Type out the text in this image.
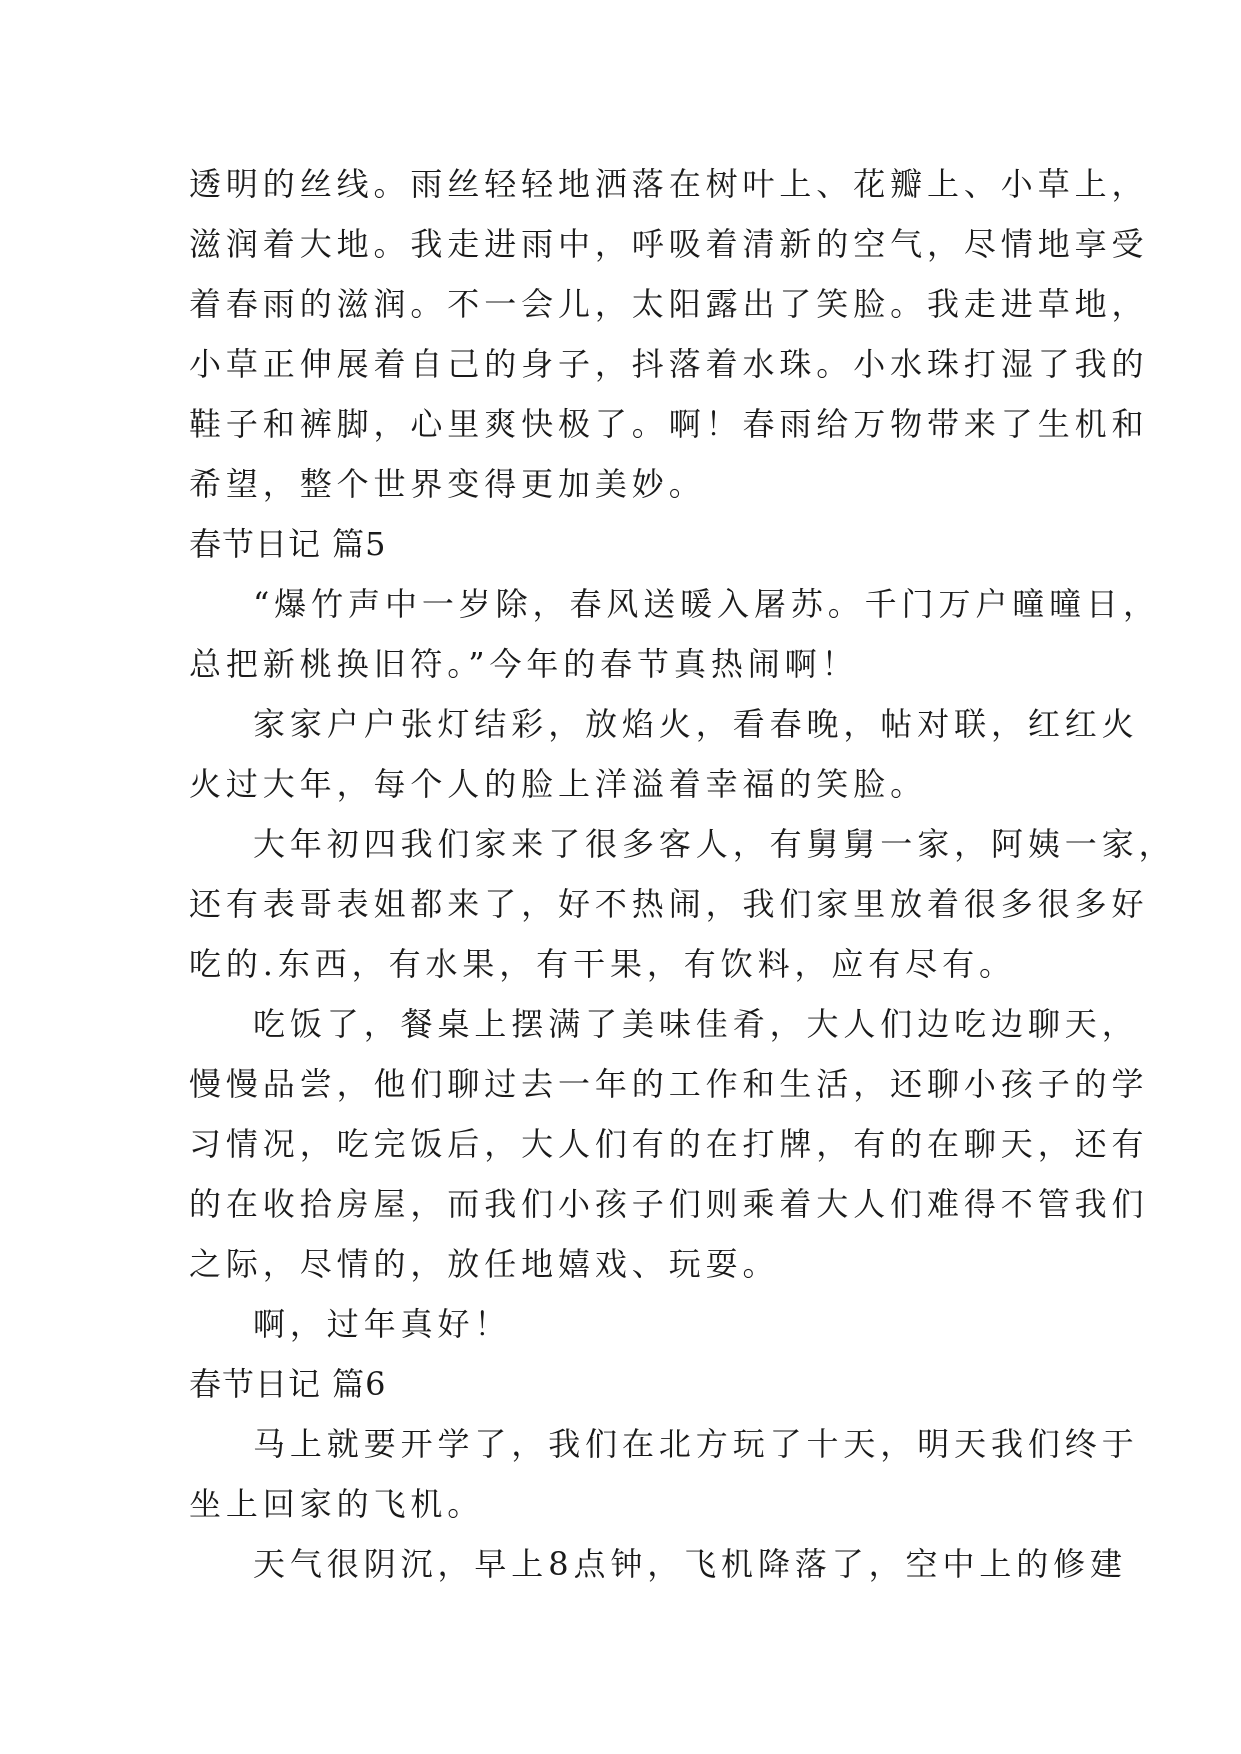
透明的丝线。雨丝轻轻地洒落在树叶上、花瓣上、小草上，
滋润着大地。我走进雨中，呼吸着清新的空气，尽情地享受
着春雨的滋润。不一会儿，太阳露出了笑脸。我走进草地，
小草正伸展着自己的身子，抖落着水珠。小水珠打湿了我的
鞋子和裤脚，心里爽快极了。啊！春雨给万物带来了生机和
希望，整个世界变得更加美妙。
春节日记 篇5
“爆竹声中一岁除，春风送暖入屠苏。千门万户曈曈日，
总把新桃换旧符。”今年的春节真热闹啊！
家家户户张灯结彩，放焰火，看春晚，帖对联，红红火
火过大年，每个人的脸上洋溢着幸福的笑脸。
大年初四我们家来了很多客人，有舅舅一家，阿姨一家，
还有表哥表姐都来了，好不热闹，我们家里放着很多很多好
吃的.东西，有水果，有干果，有饮料，应有尽有。
吃饭了，餐桌上摆满了美味佳肴，大人们边吃边聊天，
慢慢品尝，他们聊过去一年的工作和生活，还聊小孩子的学
习情况，吃完饭后，大人们有的在打牌，有的在聊天，还有
的在收拾房屋，而我们小孩子们则乘着大人们难得不管我们
之际，尽情的，放任地嬉戏、玩耍。
啊，过年真好！
春节日记 篇6
马上就要开学了，我们在北方玩了十天，明天我们终于
坐上回家的飞机。
天气很阴沉，早上8点钟，飞机降落了，空中上的修建
